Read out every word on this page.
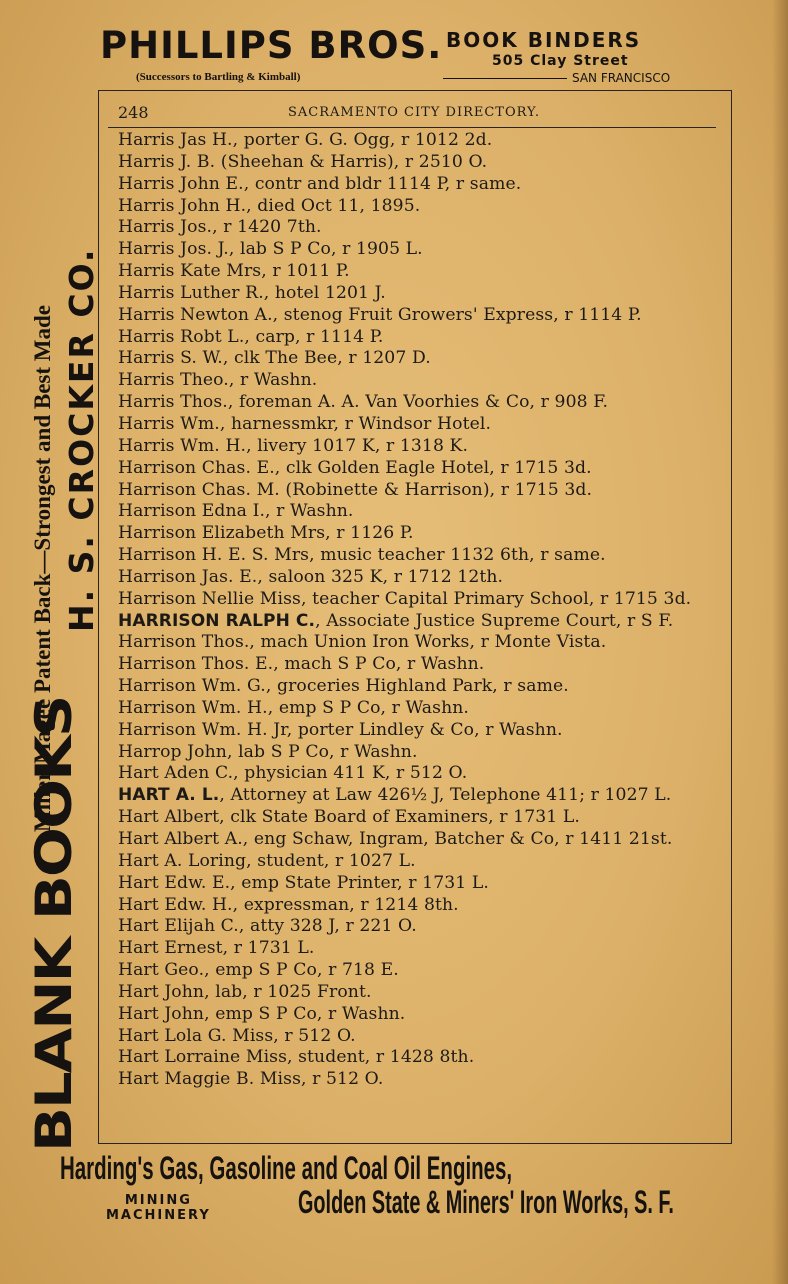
PHILLIPS BROS.
(Successors to Bartling & Kimball)
BOOK BINDERS
505 Clay Street
SAN FRANCISCO
248	SACRAMENTO CITY DIRECTORY.
Harris Jas H., porter G. G. Ogg, r 1012 2d.
Harris J. B. (Sheehan & Harris), r 2510 O.
Harris John E., contr and bldr 1114 P, r same.
Harris John H., died Oct 11, 1895.
Harris Jos., r 1420 7th.
Harris Jos. J., lab S P Co, r 1905 L.
Harris Kate Mrs, r 1011 P.
Harris Luther R., hotel 1201 J.
Harris Newton A., stenog Fruit Growers' Express, r 1114 P.
Harris Robt L., carp, r 1114 P.
Harris S. W., clk The Bee, r 1207 D.
Harris Theo., r Washn.
Harris Thos., foreman A. A. Van Voorhies & Co, r 908 F.
Harris Wm., harnessmkr, r Windsor Hotel.
Harris Wm. H., livery 1017 K, r 1318 K.
Harrison Chas. E., clk Golden Eagle Hotel, r 1715 3d.
Harrison Chas. M. (Robinette & Harrison), r 1715 3d.
Harrison Edna I., r Washn.
Harrison Elizabeth Mrs, r 1126 P.
Harrison H. E. S. Mrs, music teacher 1132 6th, r same.
Harrison Jas. E., saloon 325 K, r 1712 12th.
Harrison Nellie Miss, teacher Capital Primary School, r 1715 3d.
HARRISON RALPH C., Associate Justice Supreme Court, r S F.
Harrison Thos., mach Union Iron Works, r Monte Vista.
Harrison Thos. E., mach S P Co, r Washn.
Harrison Wm. G., groceries Highland Park, r same.
Harrison Wm. H., emp S P Co, r Washn.
Harrison Wm. H. Jr, porter Lindley & Co, r Washn.
Harrop John, lab S P Co, r Washn.
Hart Aden C., physician 411 K, r 512 O.
HART A. L., Attorney at Law 426½ J, Telephone 411; r 1027 L.
Hart Albert, clk State Board of Examiners, r 1731 L.
Hart Albert A., eng Schaw, Ingram, Batcher & Co, r 1411 21st.
Hart A. Loring, student, r 1027 L.
Hart Edw. E., emp State Printer, r 1731 L.
Hart Edw. H., expressman, r 1214 8th.
Hart Elijah C., atty 328 J, r 221 O.
Hart Ernest, r 1731 L.
Hart Geo., emp S P Co, r 718 E.
Hart John, lab, r 1025 Front.
Hart John, emp S P Co, r Washn.
Hart Lola G. Miss, r 512 O.
Hart Lorraine Miss, student, r 1428 8th.
Hart Maggie B. Miss, r 512 O.
BLANK BOOKS
Miller-Magee Patent Back—Strongest and Best Made H. S. CROCKER CO.
Harding's Gas, Gasoline and Coal Oil Engines,
MINING
MACHINERY	Golden State & Miners' Iron Works, S. F.
